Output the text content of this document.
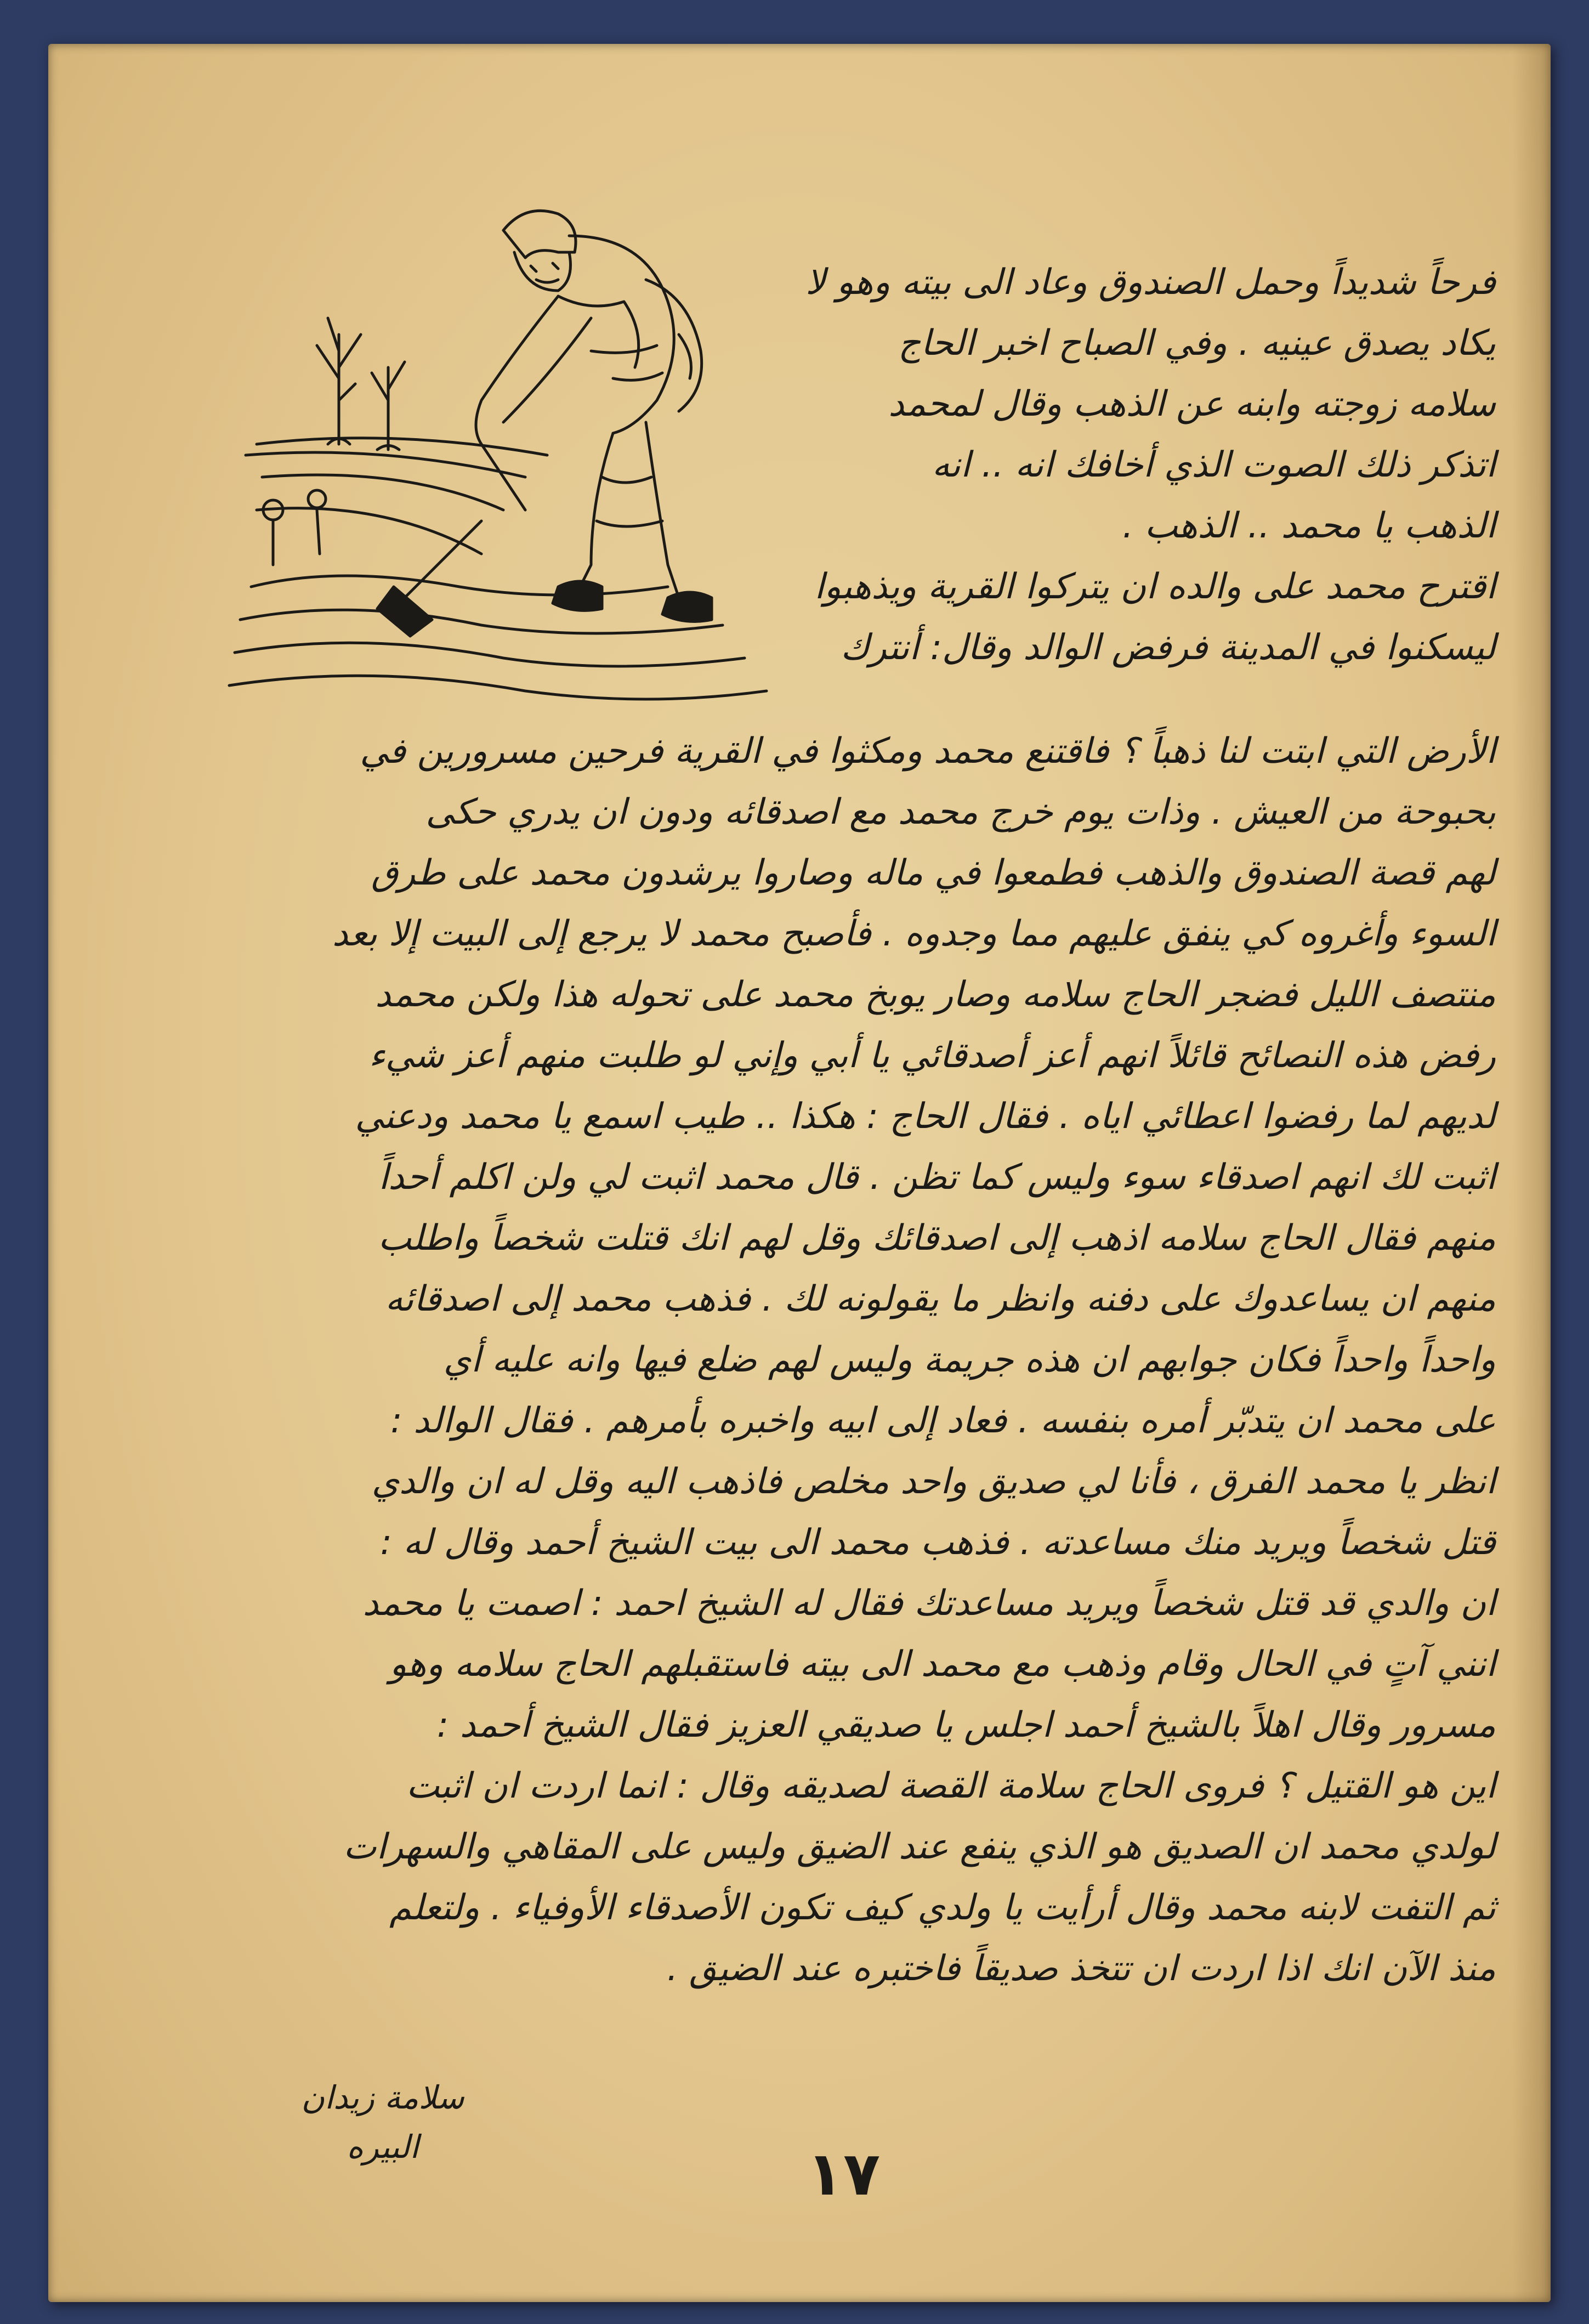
فرحاً شديداً وحمل الصندوق وعاد الى بيته وهو لا

يكاد يصدق عينيه . وفي الصباح اخبر الحاج

سلامه زوجته وابنه عن الذهب وقال لمحمد

اتذكر ذلك الصوت الذي أخافك انه .. انه

الذهب يا محمد .. الذهب .

اقترح محمد على والده ان يتركوا القرية ويذهبوا

ليسكنوا في المدينة فرفض الوالد وقال: أنترك

الأرض التي ابتت لنا ذهباً ؟ فاقتنع محمد ومكثوا في القرية فرحين مسرورين في

بحبوحة من العيش . وذات يوم خرج محمد مع اصدقائه ودون ان يدري حكى

لهم قصة الصندوق والذهب فطمعوا في ماله وصاروا يرشدون محمد على طرق

السوء وأغروه كي ينفق عليهم مما وجدوه . فأصبح محمد لا يرجع إلى البيت إلا بعد

منتصف الليل فضجر الحاج سلامه وصار يوبخ محمد على تحوله هذا ولكن محمد

رفض هذه النصائح قائلاً انهم أعز أصدقائي يا أبي وإني لو طلبت منهم أعز شيء

لديهم لما رفضوا اعطائي اياه . فقال الحاج : هكذا .. طيب اسمع يا محمد ودعني

اثبت لك انهم اصدقاء سوء وليس كما تظن . قال محمد اثبت لي ولن اكلم أحداً

منهم فقال الحاج سلامه اذهب إلى اصدقائك وقل لهم انك قتلت شخصاً واطلب

منهم ان يساعدوك على دفنه وانظر ما يقولونه لك . فذهب محمد إلى اصدقائه

واحداً واحداً فكان جوابهم ان هذه جريمة وليس لهم ضلع فيها وانه عليه أي

على محمد ان يتدبّر أمره بنفسه . فعاد إلى ابيه واخبره بأمرهم . فقال الوالد :

انظر يا محمد الفرق ، فأنا لي صديق واحد مخلص فاذهب اليه وقل له ان والدي

قتل شخصاً ويريد منك مساعدته . فذهب محمد الى بيت الشيخ أحمد وقال له :

ان والدي قد قتل شخصاً ويريد مساعدتك فقال له الشيخ احمد : اصمت يا محمد

انني آتٍ في الحال وقام وذهب مع محمد الى بيته فاستقبلهم الحاج سلامه وهو

مسرور وقال اهلاً بالشيخ أحمد اجلس يا صديقي العزيز فقال الشيخ أحمد :

اين هو القتيل ؟ فروى الحاج سلامة القصة لصديقه وقال : انما اردت ان اثبت

لولدي محمد ان الصديق هو الذي ينفع عند الضيق وليس على المقاهي والسهرات

ثم التفت لابنه محمد وقال أرأيت يا ولدي كيف تكون الأصدقاء الأوفياء . ولتعلم

منذ الآن انك اذا اردت ان تتخذ صديقاً فاختبره عند الضيق .

سلامة زيدان
البيره	١٧
